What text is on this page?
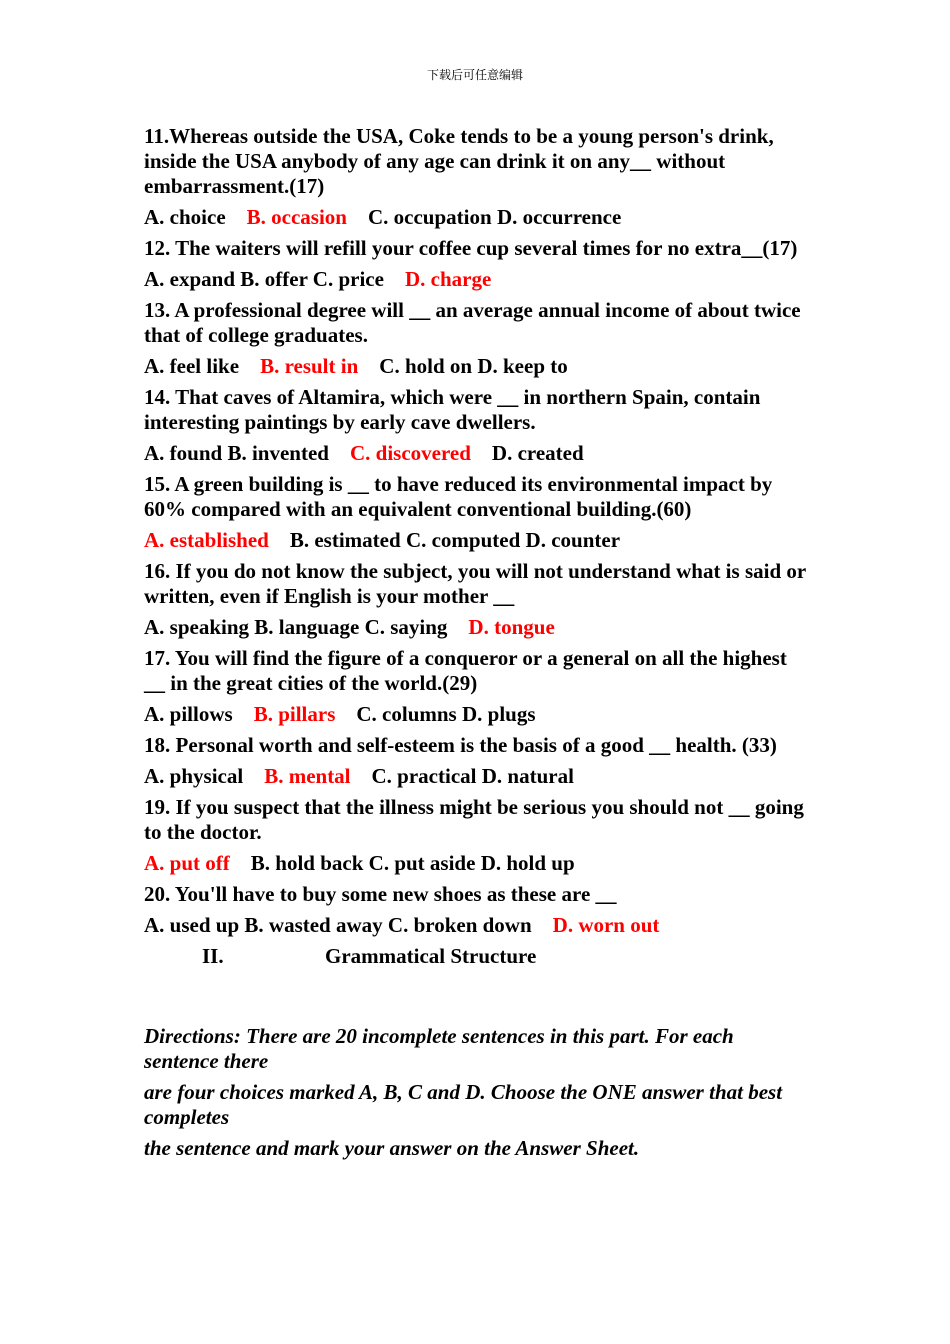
下载后可任意编辑
11.Whereas outside the USA, Coke tends to be a young person's drink, inside the USA anybody of any age can drink it on any__ without embarrassment.(17)
A. choice B. occasion C. occupation D. occurrence
12. The waiters will refill your coffee cup several times for no extra__(17)
A. expand B. offer C. price D. charge
13. A professional degree will __ an average annual income of about twice that of college graduates.
A. feel like B. result in C. hold on D. keep to
14. That caves of Altamira, which were __ in northern Spain, contain interesting paintings by early cave dwellers.
A. found B. invented C. discovered D. created
15. A green building is __ to have reduced its environmental impact by 60% compared with an equivalent conventional building.(60)
A. established B. estimated C. computed D. counter
16. If you do not know the subject, you will not understand what is said or written, even if English is your mother __
A. speaking B. language C. saying D. tongue
17. You will find the figure of a conqueror or a general on all the highest __ in the great cities of the world.(29)
A. pillows B. pillars C. columns D. plugs
18. Personal worth and self-esteem is the basis of a good __ health. (33)
A. physical B. mental C. practical D. natural
19. If you suspect that the illness might be serious you should not __ going to the doctor.
A. put off B. hold back C. put aside D. hold up
20. You'll have to buy some new shoes as these are __
A. used up B. wasted away C. broken down D. worn out
II.	Grammatical Structure

Directions: There are 20 incomplete sentences in this part. For each sentence there

are four choices marked A, B, C and D. Choose the ONE answer that best completes

the sentence and mark your answer on the Answer Sheet.
